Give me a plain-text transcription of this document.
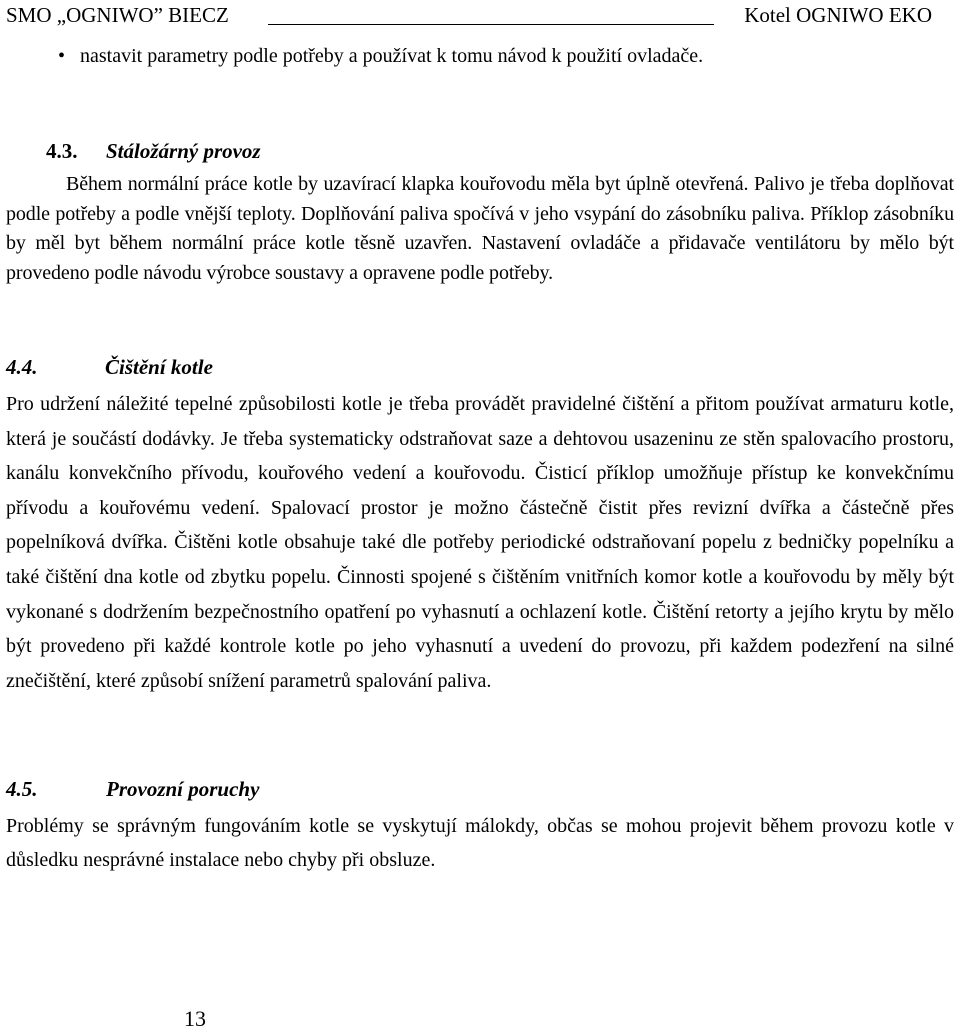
SMO „OGNIWO” BIECZ	Kotel OGNIWO EKO
• nastavit parametry podle potřeby a používat k tomu návod k použití ovladače.
4.3. Stáložárný provoz
Během normální práce kotle by uzavírací klapka kouřovodu měla byt úplně otevřená. Palivo je třeba doplňovat podle potřeby a podle vnější teploty. Doplňování paliva spočívá v jeho vsypání do zásobníku paliva. Příklop zásobníku by měl byt během normální práce kotle těsně uzavřen. Nastavení ovladáče a přidavače ventilátoru by mělo být provedeno podle návodu výrobce soustavy a opravene podle potřeby.
4.4.	Čištění kotle
Pro udržení náležité tepelné způsobilosti kotle je třeba provádět pravidelné čištění a přitom používat armaturu kotle, která je součástí dodávky. Je třeba systematicky odstraňovat saze a dehtovou usazeninu ze stěn spalovacího prostoru, kanálu konvekčního přívodu, kouřového vedení a kouřovodu. Čisticí příklop umožňuje přístup ke konvekčnímu přívodu a kouřovému vedení. Spalovací prostor je možno částečně čistit přes revizní dvířka a částečně přes popelníková dvířka. Čištěni kotle obsahuje také dle potřeby periodické odstraňovaní popelu z bedničky popelníku a také čištění dna kotle od zbytku popelu. Činnosti spojené s čištěním vnitřních komor kotle a kouřovodu by měly být vykonané s dodržením bezpečnostního opatření po vyhasnutí a ochlazení kotle. Čištění retorty a jejího krytu by mělo být provedeno při každé kontrole kotle po jeho vyhasnutí a uvedení do provozu, při každem podezření na silné znečištění, které způsobí snížení parametrů spalování paliva.
4.5.	Provozní poruchy
Problémy se správným fungováním kotle se vyskytují málokdy, občas se mohou projevit během provozu kotle v důsledku nesprávné instalace nebo chyby při obsluze.
13
